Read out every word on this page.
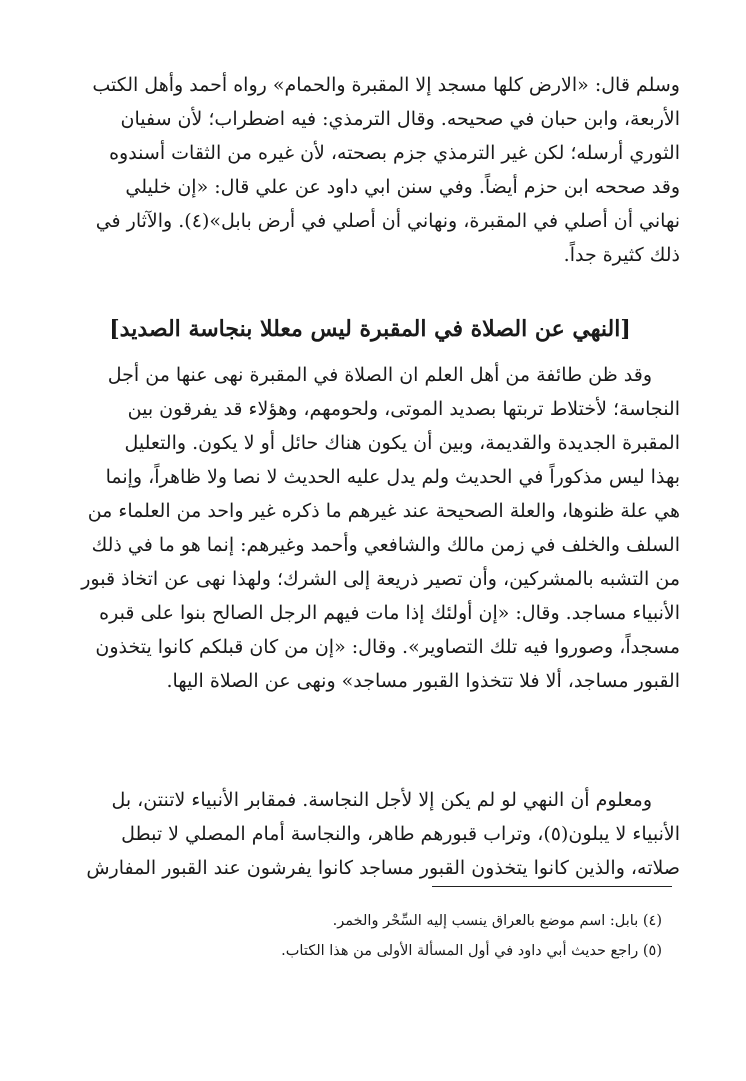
وسلم قال: «الارض كلها مسجد إلا المقبرة والحمام» رواه أحمد وأهل الكتب
الأربعة، وابن حبان في صحيحه. وقال الترمذي: فيه اضطراب؛ لأن سفيان
الثوري أرسله؛ لكن غير الترمذي جزم بصحته، لأن غيره من الثقات أسندوه
وقد صححه ابن حزم أيضاً. وفي سنن ابي داود عن علي قال: «إن خليلي
نهاني أن أصلي في المقبرة، ونهاني أن أصلي في أرض بابل»(٤). والآثار في
ذلك كثيرة جداً.
[النهي عن الصلاة في المقبرة ليس معللا بنجاسة الصديد]
وقد ظن طائفة من أهل العلم ان الصلاة في المقبرة نهى عنها من أجل
النجاسة؛ لأختلاط تربتها بصديد الموتى، ولحومهم، وهؤلاء قد يفرقون بين
المقبرة الجديدة والقديمة، وبين أن يكون هناك حائل أو لا يكون. والتعليل
بهذا ليس مذكوراً في الحديث ولم يدل عليه الحديث لا نصا ولا ظاهراً، وإنما
هي علة ظنوها، والعلة الصحيحة عند غيرهم ما ذكره غير واحد من العلماء من
السلف والخلف في زمن مالك والشافعي وأحمد وغيرهم: إنما هو ما في ذلك
من التشبه بالمشركين، وأن تصير ذريعة إلى الشرك؛ ولهذا نهى عن اتخاذ قبور
الأنبياء مساجد. وقال: «إن أولئك إذا مات فيهم الرجل الصالح بنوا على قبره
مسجداً، وصوروا فيه تلك التصاوير». وقال: «إن من كان قبلكم كانوا يتخذون
القبور مساجد، ألا فلا تتخذوا القبور مساجد» ونهى عن الصلاة اليها.
ومعلوم أن النهي لو لم يكن إلا لأجل النجاسة. فمقابر الأنبياء لاتنتن، بل
الأنبياء لا يبلون(٥)، وتراب قبورهم طاهر، والنجاسة أمام المصلي لا تبطل
صلاته، والذين كانوا يتخذون القبور مساجد كانوا يفرشون عند القبور المفارش
(٤) بابل: اسم موضع بالعراق ينسب إليه السِّحْر والخمر.
(٥) راجع حديث أبي داود في أول المسألة الأولى من هذا الكتاب.
